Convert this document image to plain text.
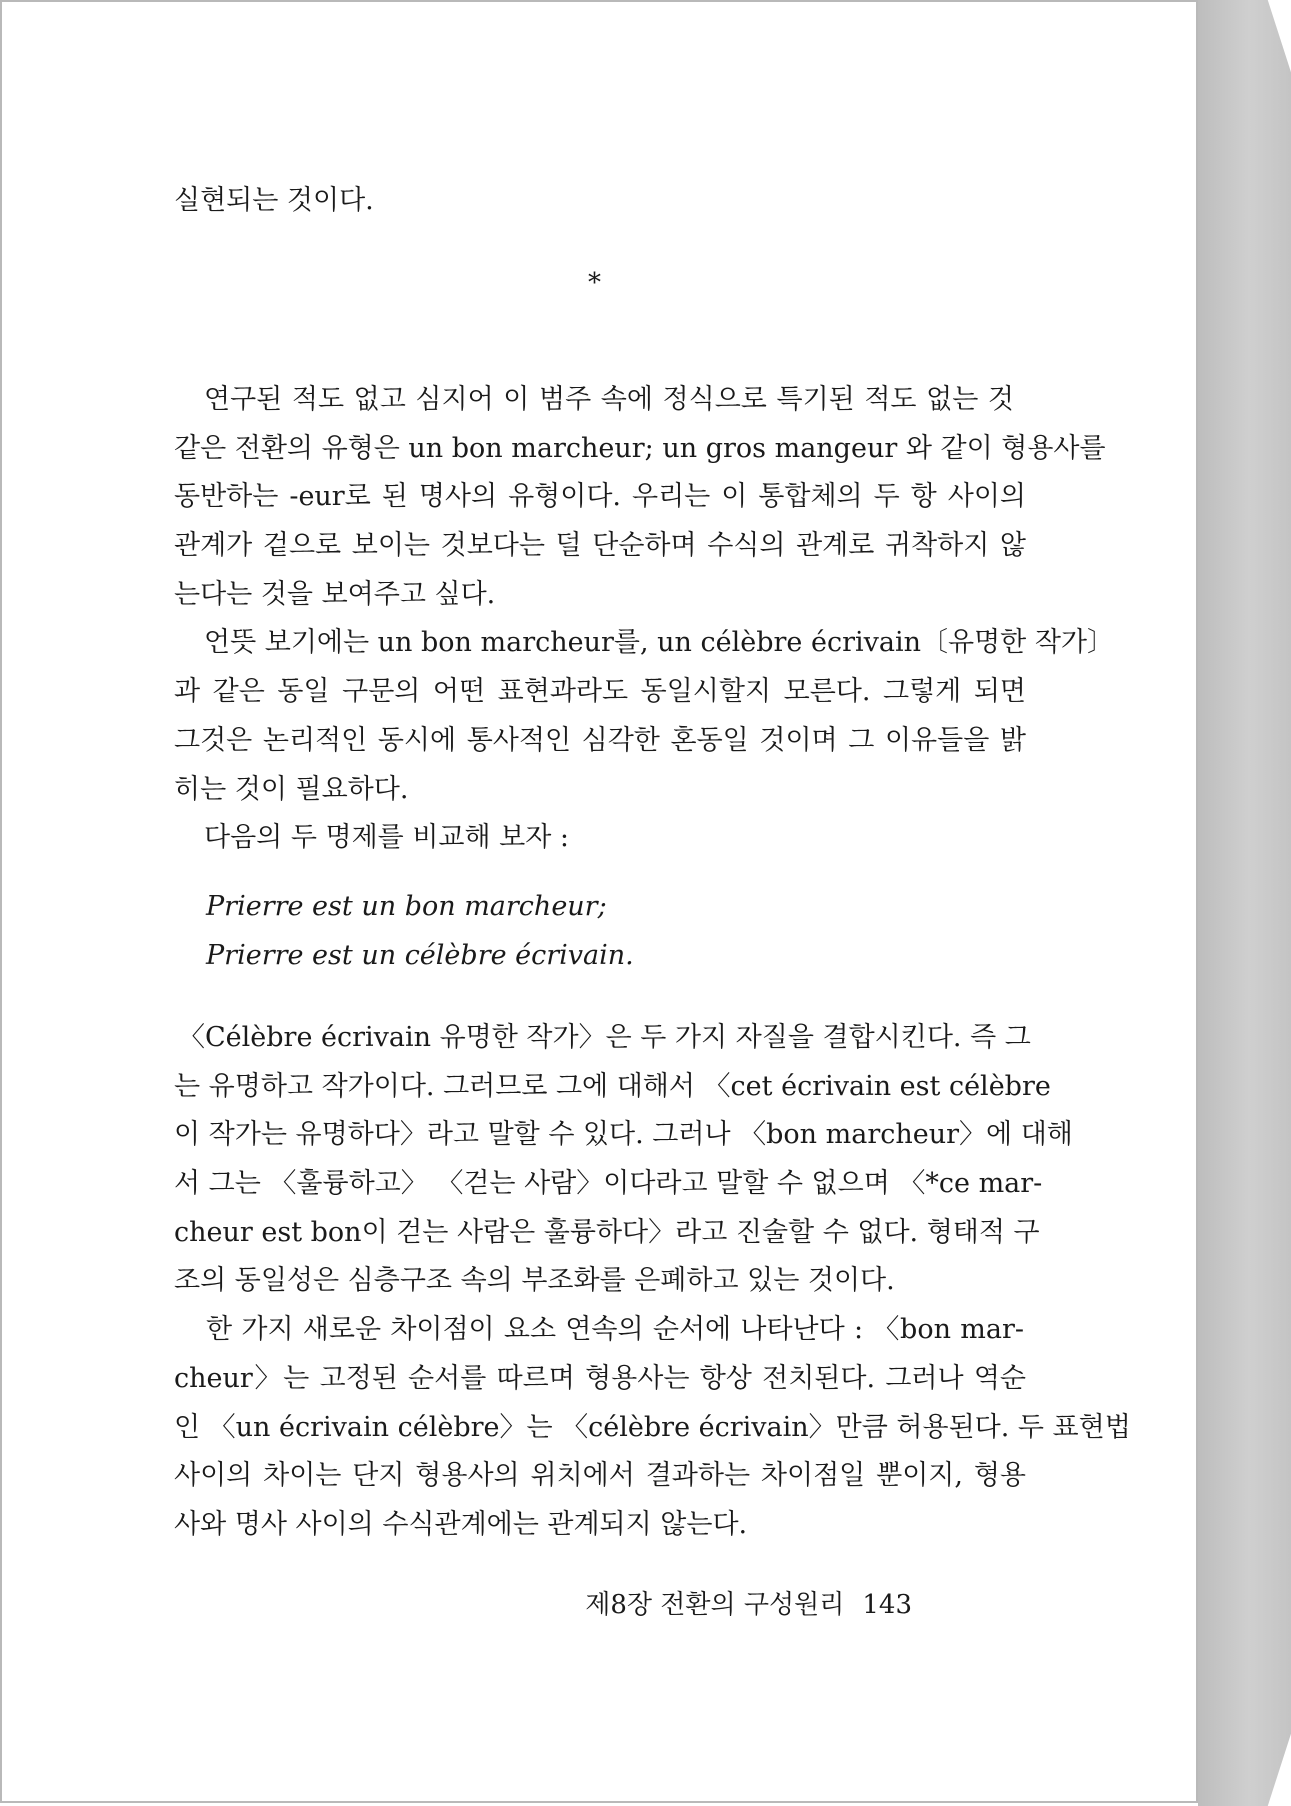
실현되는 것이다.
*
연구된 적도 없고 심지어 이 범주 속에 정식으로 특기된 적도 없는 것
같은 전환의 유형은 un bon marcheur; un gros mangeur 와 같이 형용사를
동반하는 -eur로 된 명사의 유형이다. 우리는 이 통합체의 두 항 사이의
관계가 겉으로 보이는 것보다는 덜 단순하며 수식의 관계로 귀착하지 않
는다는 것을 보여주고 싶다.
언뜻 보기에는 un bon marcheur를, un célèbre écrivain〔유명한 작가〕
과 같은 동일 구문의 어떤 표현과라도 동일시할지 모른다. 그렇게 되면
그것은 논리적인 동시에 통사적인 심각한 혼동일 것이며 그 이유들을 밝
히는 것이 필요하다.
다음의 두 명제를 비교해 보자 :
Prierre est un bon marcheur;
Prierre est un célèbre écrivain.
〈Célèbre écrivain 유명한 작가〉은 두 가지 자질을 결합시킨다. 즉 그
는 유명하고 작가이다. 그러므로 그에 대해서 〈cet écrivain est célèbre
이 작가는 유명하다〉라고 말할 수 있다. 그러나 〈bon marcheur〉에 대해
서 그는 〈훌륭하고〉 〈걷는 사람〉이다라고 말할 수 없으며 〈*ce mar-
cheur est bon이 걷는 사람은 훌륭하다〉라고 진술할 수 없다. 형태적 구
조의 동일성은 심층구조 속의 부조화를 은폐하고 있는 것이다.
한 가지 새로운 차이점이 요소 연속의 순서에 나타난다 : 〈bon mar-
cheur〉는 고정된 순서를 따르며 형용사는 항상 전치된다. 그러나 역순
인 〈un écrivain célèbre〉는 〈célèbre écrivain〉만큼 허용된다. 두 표현법
사이의 차이는 단지 형용사의 위치에서 결과하는 차이점일 뿐이지, 형용
사와 명사 사이의 수식관계에는 관계되지 않는다.
제8장 전환의 구성원리 143
